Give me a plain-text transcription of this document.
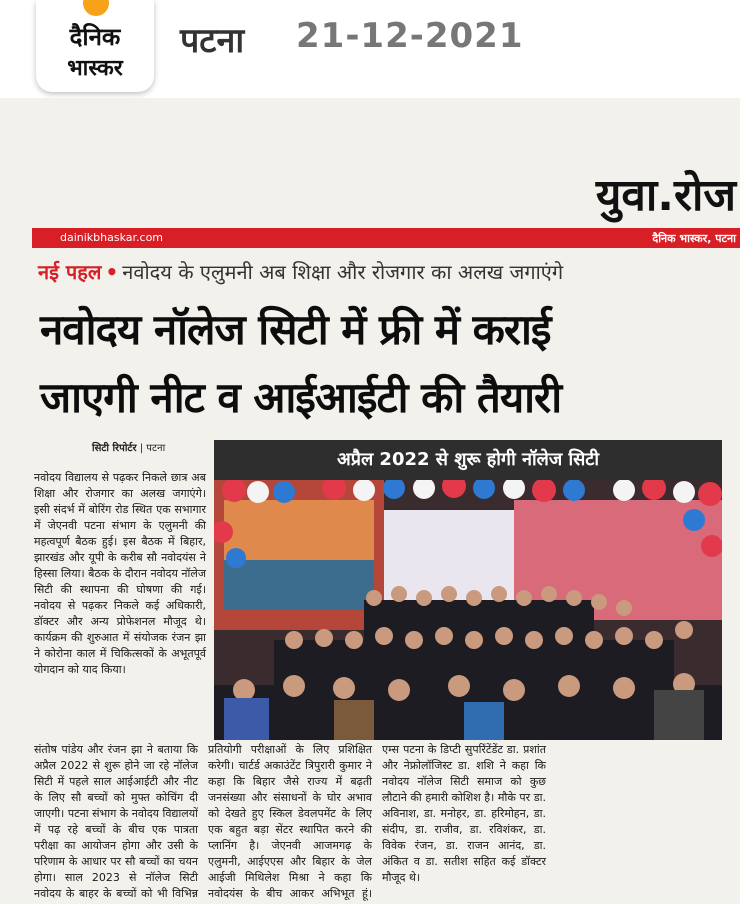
दैनिक
भास्कर
पटना 21-12-2021
युवा.रोज
dainikbhaskar.com	दैनिक भास्कर, पटना
नई पहल • नवोदय के एलुमनी अब शिक्षा और रोजगार का अलख जगाएंगे
नवोदय नॉलेज सिटी में फ्री में कराई
जाएगी नीट व आईआईटी की तैयारी
सिटी रिपोर्टर | पटना
नवोदय विद्यालय से पढ़कर निकले छात्र अब शिक्षा और रोजगार का अलख जगाएंगे। इसी संदर्भ में बोरिंग रोड स्थित एक सभागार में जेएनवी पटना संभाग के एलुमनी की महत्वपूर्ण बैठक हुई। इस बैठक में बिहार, झारखंड और यूपी के करीब सौ नवोदयंस ने हिस्सा लिया। बैठक के दौरान नवोदय नॉलेज सिटी की स्थापना की घोषणा की गई। नवोदय से पढ़कर निकले कई अधिकारी, डॉक्टर और अन्य प्रोफेशनल मौजूद थे। कार्यक्रम की शुरुआत में संयोजक रंजन झा ने कोरोना काल में चिकित्सकों के अभूतपूर्व योगदान को याद किया।
अप्रैल 2022 से शुरू होगी नॉलेज सिटी
संतोष पांडेय और रंजन झा ने बताया कि अप्रैल 2022 से शुरू होने जा रहे नॉलेज सिटी में पहले साल आईआईटी और नीट के लिए सौ बच्चों को मुफ्त कोचिंग दी जाएगी। पटना संभाग के नवोदय विद्यालयों में पढ़ रहे बच्चों के बीच एक पात्रता परीक्षा का आयोजन होगा और उसी के परिणाम के आधार पर सौ बच्चों का चयन होगा। साल 2023 से नॉलेज सिटी नवोदय के बाहर के बच्चों को भी विभिन्न प्रतियोगी परीक्षाओं के लिए प्रशिक्षित करेगी। चार्टर्ड अकाउंटेंट त्रिपुरारी कुमार ने कहा कि बिहार जैसे राज्य में बढ़ती जनसंख्या और संसाधनों के घोर अभाव को देखते हुए स्किल डेवलपमेंट के लिए एक बहुत बड़ा सेंटर स्थापित करने की प्लानिंग है। जेएनवी आजमगढ़ के एलुमनी, आईएएस और बिहार के जेल आईजी मिथिलेश मिश्रा ने कहा कि नवोदयंस के बीच आकर अभिभूत हूं। एम्स पटना के डिप्टी सुपरिंटेंडेंट डा. प्रशांत और नेफ्रोलॉजिस्ट डा. शशि ने कहा कि नवोदय नॉलेज सिटी समाज को कुछ लौटाने की हमारी कोशिश है। मौके पर डा. अविनाश, डा. मनोहर, डा. हरिमोहन, डा. संदीप, डा. राजीव, डा. रविशंकर, डा. विवेक रंजन, डा. राजन आनंद, डा. अंकित व डा. सतीश सहित कई डॉक्टर मौजूद थे।
